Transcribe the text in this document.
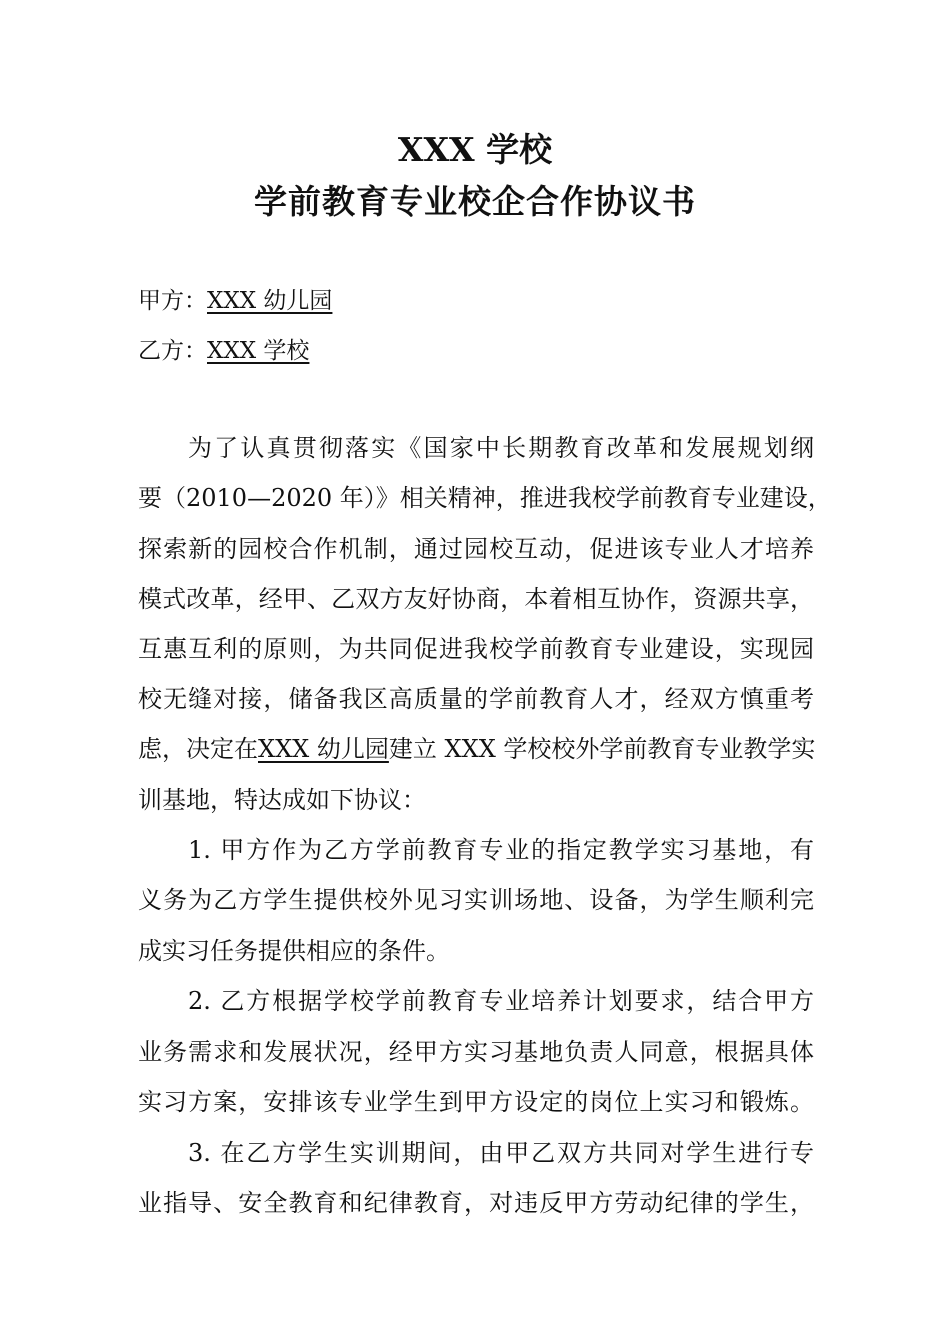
XXX 学校
学前教育专业校企合作协议书
甲方：XXX 幼儿园
乙方：XXX 学校
为了认真贯彻落实《国家中长期教育改革和发展规划纲
要（2010—2020 年）》相关精神，推进我校学前教育专业建设，
探索新的园校合作机制，通过园校互动，促进该专业人才培养
模式改革，经甲、乙双方友好协商，本着相互协作，资源共享，
互惠互利的原则，为共同促进我校学前教育专业建设，实现园
校无缝对接，储备我区高质量的学前教育人才，经双方慎重考
虑，决定在XXX 幼儿园建立 XXX 学校校外学前教育专业教学实
训基地，特达成如下协议：
1. 甲方作为乙方学前教育专业的指定教学实习基地，有
义务为乙方学生提供校外见习实训场地、设备，为学生顺利完
成实习任务提供相应的条件。
2. 乙方根据学校学前教育专业培养计划要求，结合甲方
业务需求和发展状况，经甲方实习基地负责人同意，根据具体
实习方案，安排该专业学生到甲方设定的岗位上实习和锻炼。
3. 在乙方学生实训期间，由甲乙双方共同对学生进行专
业指导、安全教育和纪律教育，对违反甲方劳动纪律的学生，
